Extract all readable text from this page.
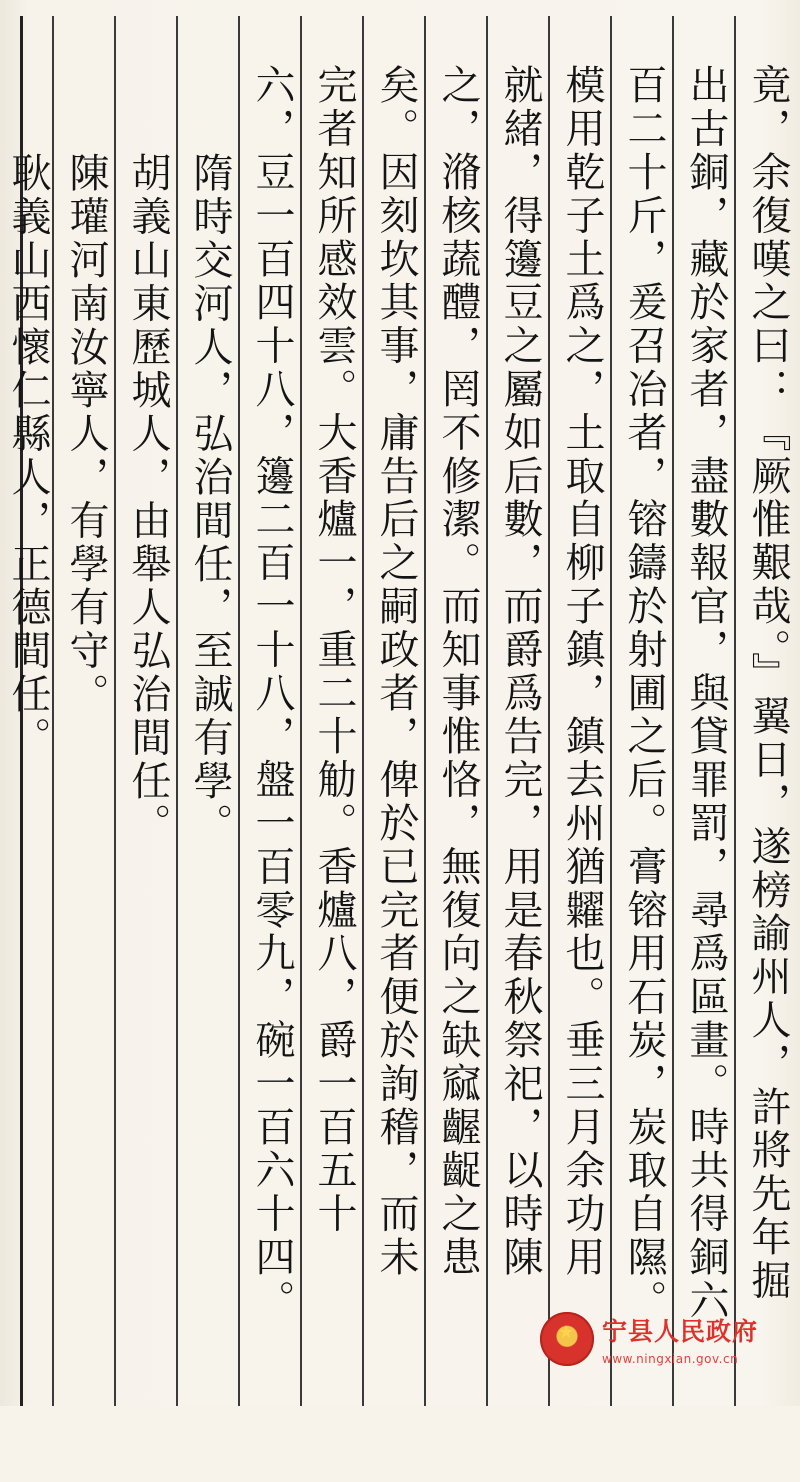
竟，余復嘆之曰：『厥惟艱哉。』翼日，遂榜諭州人，許將先年掘
出古銅，藏於家者，盡數報官，與貸罪罰，尋爲區畫。時共得銅六
百二十斤，爰召冶者，镕鑄於射圃之后。膏镕用石炭，炭取自隰。
模用乾子土爲之，土取自柳子鎮，鎮去州猶糶也。垂三月余功用
就緒，得籩豆之屬如后數，而爵爲告完，用是春秋祭祀，以時陳
之，潃核蔬醴，罔不修潔。而知事惟恪，無復向之缺窳齷齪之患
矣。因刻坎其事，庸告后之嗣政者，俾於已完者便於詢稽，而未
完者知所感效雲。大香爐一，重二十觔。香爐八，爵一百五十
六，豆一百四十八，籩二百一十八，盤一百零九，碗一百六十四。
隋時交河人，弘治間任，至誠有學。
胡義山東歷城人，由舉人弘治間任。
陳瓘河南汝寧人，有學有守。
耿義山西懷仁縣人，正德間任。
★ 宁县人民政府
www.ningxian.gov.cn
